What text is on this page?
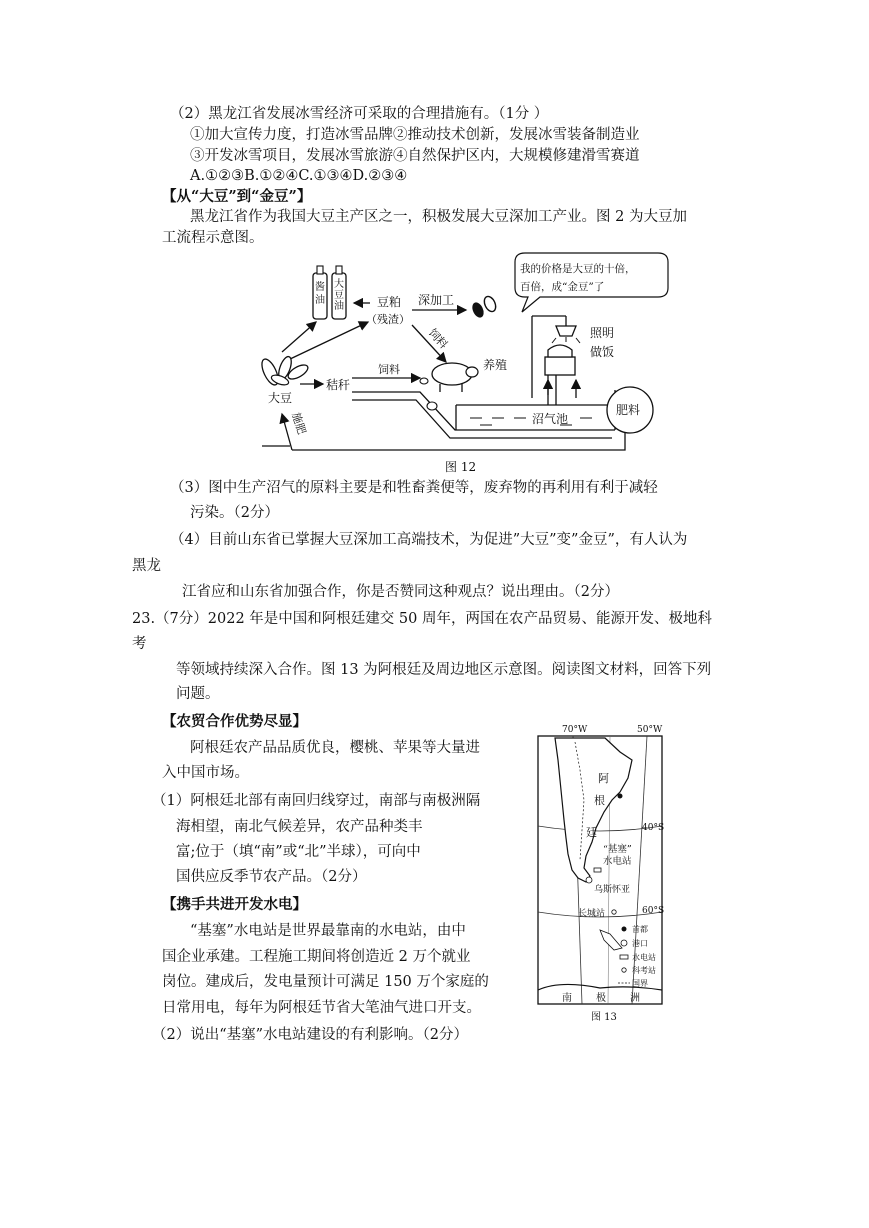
（2）黑龙江省发展冰雪经济可采取的合理措施有。（1分 ）
①加大宣传力度，打造冰雪品牌②推动技术创新，发展冰雪装备制造业
③开发冰雪项目，发展冰雪旅游④自然保护区内，大规模修建滑雪赛道
A.①②③B.①②④C.①③④D.②③④
【从“大豆”到“金豆”】
黑龙江省作为我国大豆主产区之一，积极发展大豆深加工产业。图 2 为大豆加
工流程示意图。
我的价格是大豆的十倍，
百倍，成“金豆”了
酱油
大豆油	豆粕
（残渣）
深加工
饲料
大豆
秸秆
饲料	养殖
沼气池
照明
做饭
肥料
施肥
图 12
（3）图中生产沼气的原料主要是和牲畜粪便等，废弃物的再利用有利于减轻
污染。（2分）
（4）目前山东省已掌握大豆深加工高端技术，为促进”大豆”变”金豆”，有人认为
黑龙
江省应和山东省加强合作，你是否赞同这种观点？说出理由。（2分）
23.（7分）2022 年是中国和阿根廷建交 50 周年，两国在农产品贸易、能源开发、极地科
考
等领域持续深入合作。图 13 为阿根廷及周边地区示意图。阅读图文材料，回答下列
问题。
【农贸合作优势尽显】
阿根廷农产品品质优良，樱桃、苹果等大量进
入中国市场。
（1）阿根廷北部有南回归线穿过，南部与南极洲隔
海相望，南北气候差异，农产品种类丰
富;位于（填“南”或“北”半球），可向中
国供应反季节农产品。（2分）
【携手共进开发水电】
“基塞”水电站是世界最靠南的水电站，由中
国企业承建。工程施工期间将创造近 2 万个就业
岗位。建成后，发电量预计可满足 150 万个家庭的
日常用电，每年为阿根廷节省大笔油气进口开支。
（2）说出“基塞”水电站建设的有利影响。（2分）
70°W	50°W
40°S
60°S
阿
根
廷
“基塞”
水电站
乌斯怀亚
长城站
南 极 洲
首都
港口
水电站
科考站
国界
图 13
